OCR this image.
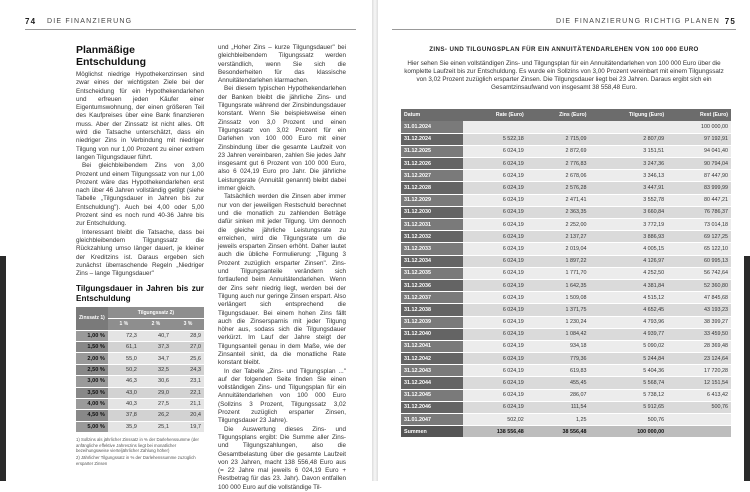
74 DIE FINANZIERUNG
Planmäßige Entschuldung

Möglichst niedrige Hypothekenzinsen sind zwar eines der wichtigsten Ziele bei der Entscheidung für ein Hypothekendarlehen und erfreuen jeden Käufer einer Eigentumswohnung, der einen größeren Teil des Kaufpreises über eine Bank finanzieren muss. Aber der Zinssatz ist nicht alles. Oft wird die Tatsache unterschätzt, dass ein niedriger Zins in Verbindung mit niedriger Tilgung von nur 1,00 Prozent zu einer extrem langen Tilgungsdauer führt.

Bei gleichbleibendem Zins von 3,00 Prozent und einem Tilgungssatz von nur 1,00 Prozent wäre das Hypothekendarlehen erst nach über 46 Jahren vollständig getilgt (siehe Tabelle „Tilgungsdauer in Jahren bis zur Entschuldung"). Auch bei 4,00 oder 5,00 Prozent sind es noch rund 40-36 Jahre bis zur Entschuldung.

Interessant bleibt die Tatsache, dass bei gleichbleibendem Tilgungssatz die Rückzahlung umso länger dauert, je kleiner der Kreditzins ist. Daraus ergeben sich zunächst überraschende Regeln „Niedriger Zins – lange Tilgungsdauer"

Tilgungsdauer in Jahren bis zur Entschuldung
Zinssatz 1)	Tilgungssatz 2)		
	1 %	2 %	3 %
1,00 %	72,3	40,7	28,9
1,50 %	61,1	37,3	27,0
2,00 %	55,0	34,7	25,6
2,50 %	50,2	32,5	24,3
3,00 %	46,3	30,6	23,1
3,50 %	43,0	29,0	22,1
4,00 %	40,3	27,5	21,1
4,50 %	37,8	26,2	20,4
5,00 %	35,9	25,1	19,7
1) Sollzins als jährlicher Zinssatz in % der Darlehenssumme (der anfängliche effektive Jahreszins liegt bei monatlicher bezeihungsweise vierteljährlicher Zahlung höher)
2) Jährlicher Tilgungssatz in % der Darlehenssumme zuzüglich ersparter Zinsen

und „Hoher Zins – kurze Tilgungsdauer" bei gleichbleibendem Tilgungssatz werden verständlich, wenn Sie sich die Besonderheiten für das klassische Annuitätendarlehen klarmachen.

Bei diesem typischen Hypothekendarlehen der Banken bleibt die jährliche Zins- und Tilgungsrate während der Zinsbindungsdauer konstant. Wenn Sie beispielsweise einen Zinssatz von 3,0 Prozent und einen Tilgungssatz von 3,02 Prozent für ein Darlehen von 100 000 Euro mit einer Zinsbindung über die gesamte Laufzeit von 23 Jahren vereinbaren, zahlen Sie jedes Jahr insgesamt gut 6 Prozent von 100 000 Euro, also 6 024,19 Euro pro Jahr. Die jährliche Leistungsrate (Annuität genannt) bleibt dabei immer gleich.

Tatsächlich werden die Zinsen aber immer nur von der jeweiligen Restschuld berechnet und die monatlich zu zahlenden Beträge dafür sinken mit jeder Tilgung. Um dennoch die gleiche jährliche Leistungsrate zu erreichen, wird die Tilgungsrate um die jeweils ersparten Zinsen erhöht. Daher lautet auch die übliche Formulierung: „Tilgung 3 Prozent zuzüglich ersparter Zinsen". Zins- und Tilgungsanteile verändern sich fortlaufend beim Annuitätendarlehen. Wenn der Zins sehr niedrig liegt, werden bei der Tilgung auch nur geringe Zinsen erspart. Also verlängert sich entsprechend die Tilgungsdauer. Bei einem hohen Zins fällt auch die Zinsersparnis mit jeder Tilgung höher aus, sodass sich die Tilgungsdauer verkürzt. Im Lauf der Jahre steigt der Tilgungsanteil genau in dem Maße, wie der Zinsanteil sinkt, da die monatliche Rate konstant bleibt.

In der Tabelle „Zins- und Tilgungsplan ..." auf der folgenden Seite finden Sie einen vollständigen Zins- und Tilgungsplan für ein Annuitätendarlehen von 100 000 Euro (Sollzins 3 Prozent, Tilgungssatz 3,02 Prozent zuzüglich ersparter Zinsen, Tilgungsdauer 23 Jahre).

Die Auswertung dieses Zins- und Tilgungsplans ergibt: Die Summe aller Zins- und Tilgungszahlungen, also die Gesamtbelastung über die gesamte Laufzeit von 23 Jahren, macht 138 556,48 Euro aus (= 22 Jahre mal jeweils 6 024,19 Euro + Restbetrag für das 23. Jahr). Davon entfallen 100 000 Euro auf die vollständige Til-

DIE FINANZIERUNG RICHTIG PLANEN 75
ZINS- UND TILGUNGSPLAN FÜR EIN ANNUITÄTENDARLEHEN VON 100 000 EURO
Hier sehen Sie einen vollständigen Zins- und Tilgungsplan für ein Annuitätendarlehen von 100 000 Euro über die komplette Laufzeit bis zur Entschuldung. Es wurde ein Sollzins von 3,00 Prozent vereinbart mit einem Tilgungssatz von 3,02 Prozent zuzüglich ersparter Zinsen. Die Tilgungsdauer liegt bei 23 Jahren. Daraus ergibt sich ein Gesamtzinsaufwand von insgesamt 38 558,48 Euro.
Datum	Rate (Euro)	Zins (Euro)	Tilgung (Euro)	Rest (Euro)
31.01.2024				100 000,00
31.12.2024	5 522,18	2 715,09	2 807,09	97 192,91
31.12.2025	6 024,19	2 872,69	3 151,51	94 041,40
31.12.2026	6 024,19	2 776,83	3 247,36	90 794,04
31.12.2027	6 024,19	2 678,06	3 346,13	87 447,90
31.12.2028	6 024,19	2 576,28	3 447,91	83 999,99
31.12.2029	6 024,19	2 471,41	3 552,78	80 447,21
31.12.2030	6 024,19	2 363,35	3 660,84	76 786,37
31.12.2031	6 024,19	2 252,00	3 772,19	73 014,18
31.12.2032	6 024,19	2 137,27	3 886,93	69 127,25
31.12.2033	6 024,19	2 019,04	4 005,15	65 122,10
31.12.2034	6 024,19	1 897,22	4 126,97	60 995,13
31.12.2035	6 024,19	1 771,70	4 252,50	56 742,64
31.12.2036	6 024,19	1 642,35	4 381,84	52 360,80
31.12.2037	6 024,19	1 509,08	4 515,12	47 845,68
31.12.2038	6 024,19	1 371,75	4 652,45	43 193,23
31.12.2039	6 024,19	1 230,24	4 793,96	38 399,27
31.12.2040	6 024,19	1 084,42	4 939,77	33 459,50
31.12.2041	6 024,19	934,18	5 090,02	28 369,48
31.12.2042	6 024,19	779,36	5 244,84	23 124,64
31.12.2043	6 024,19	619,83	5 404,36	17 720,28
31.12.2044	6 024,19	455,45	5 568,74	12 151,54
31.12.2045	6 024,19	286,07	5 738,12	6 413,42
31.12.2046	6 024,19	111,54	5 912,65	500,76
31.01.2047	502,02	1,25	500,76	
Summen	138 556,48	38 556,48	100 000,00	
